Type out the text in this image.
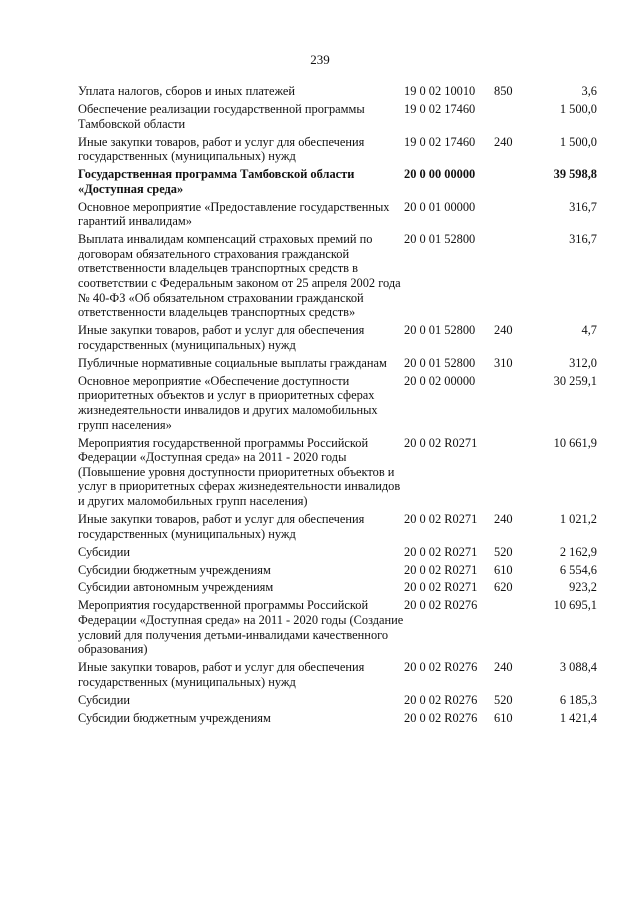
239
Уплата налогов, сборов и иных платежей	19 0 02 10010	850	3,6
Обеспечение реализации государственной программы Тамбовской области	19 0 02 17460		1 500,0
Иные закупки товаров, работ и услуг для обеспечения государственных (муниципальных) нужд	19 0 02 17460	240	1 500,0
Государственная программа Тамбовской области «Доступная среда»	20 0 00 00000		39 598,8
Основное мероприятие «Предоставление государственных гарантий инвалидам»	20 0 01 00000		316,7
Выплата инвалидам компенсаций страховых премий по договорам обязательного страхования гражданской ответственности владельцев транспортных средств в соответствии с Федеральным законом от 25 апреля 2002 года № 40-ФЗ «Об обязательном страховании гражданской ответственности владельцев транспортных средств»	20 0 01 52800		316,7
Иные закупки товаров, работ и услуг для обеспечения государственных (муниципальных) нужд	20 0 01 52800	240	4,7
Публичные нормативные социальные выплаты гражданам	20 0 01 52800	310	312,0
Основное мероприятие «Обеспечение доступности приоритетных объектов и услуг в приоритетных сферах жизнедеятельности инвалидов и других маломобильных групп населения»	20 0 02 00000		30 259,1
Мероприятия государственной программы Российской Федерации «Доступная среда» на 2011 - 2020 годы (Повышение уровня доступности приоритетных объектов и услуг в приоритетных сферах жизнедеятельности инвалидов и других маломобильных групп населения)	20 0 02 R0271		10 661,9
Иные закупки товаров, работ и услуг для обеспечения государственных (муниципальных) нужд	20 0 02 R0271	240	1 021,2
Субсидии	20 0 02 R0271	520	2 162,9
Субсидии бюджетным учреждениям	20 0 02 R0271	610	6 554,6
Субсидии автономным учреждениям	20 0 02 R0271	620	923,2
Мероприятия государственной программы Российской Федерации «Доступная среда» на 2011 - 2020 годы (Создание условий для получения детьми-инвалидами качественного образования)	20 0 02 R0276		10 695,1
Иные закупки товаров, работ и услуг для обеспечения государственных (муниципальных) нужд	20 0 02 R0276	240	3 088,4
Субсидии	20 0 02 R0276	520	6 185,3
Субсидии бюджетным учреждениям	20 0 02 R0276	610	1 421,4
